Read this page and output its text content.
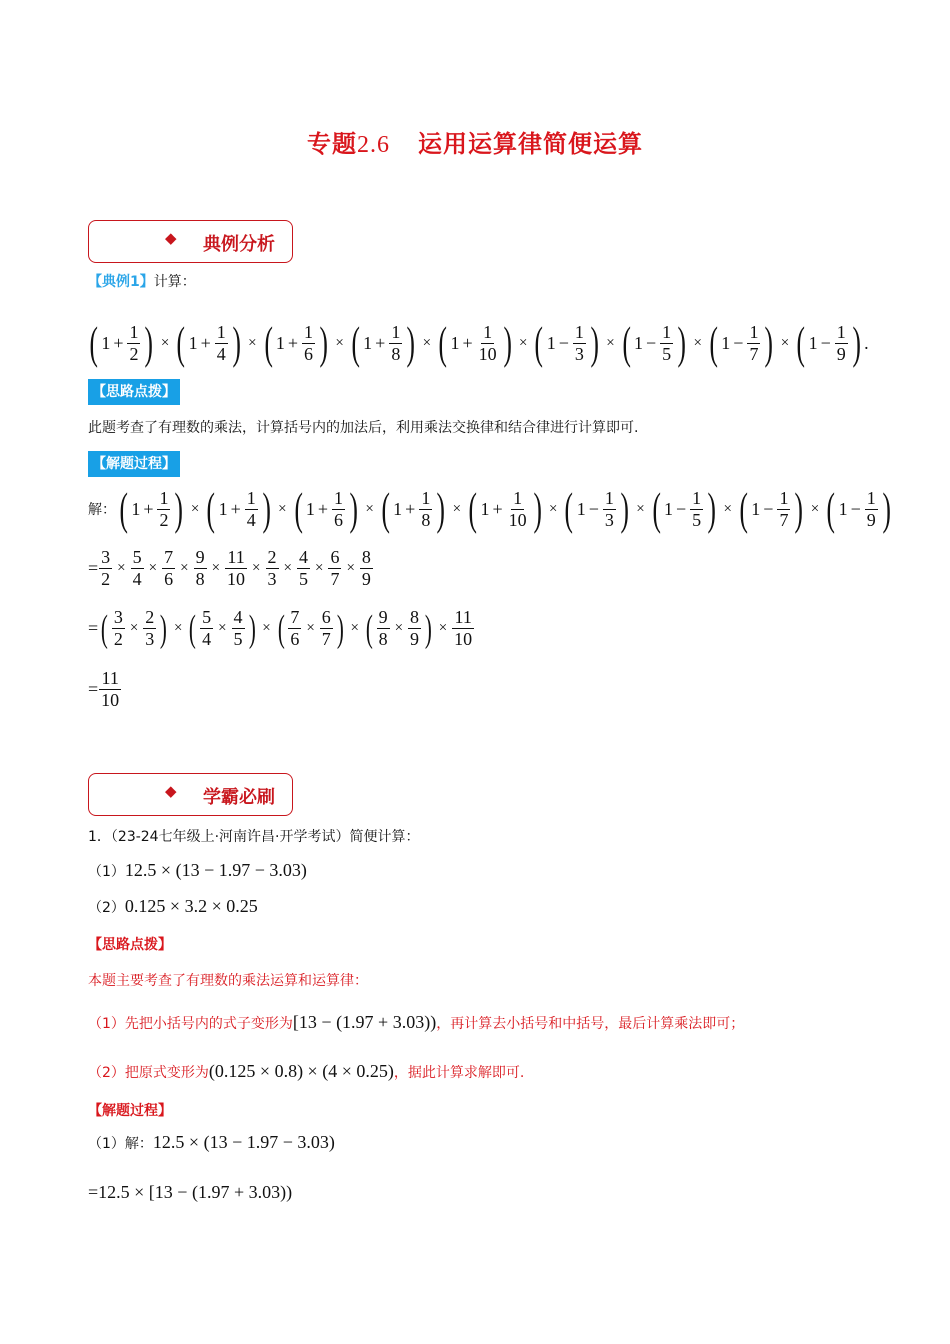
专题2.6 运用运算律简便运算
◆ 典例分析
【典例1】计算：
( $1 + \frac{1}{2}$ ) × ( $1 + \frac{1}{4}$ ) × ( $1 + \frac{1}{6}$ ) × ( $1 + \frac{1}{8}$ ) × ( $1 + \frac{1}{10}$ ) × ( $1 - \frac{1}{3}$ ) × ( $1 - \frac{1}{5}$ ) × ( $1 - \frac{1}{7}$ ) × ( $1 - \frac{1}{9}$ ) .
【思路点拨】
此题考查了有理数的乘法，计算括号内的加法后，利用乘法交换律和结合律进行计算即可.
【解题过程】
解： ( $1 + \frac{1}{2}$ ) × ( $1 + \frac{1}{4}$ ) × ( $1 + \frac{1}{6}$ ) × ( $1 + \frac{1}{8}$ ) × ( $1 + \frac{1}{10}$ ) × ( $1 - \frac{1}{3}$ ) × ( $1 - \frac{1}{5}$ ) × ( $1 - \frac{1}{7}$ ) × ( $1 - \frac{1}{9}$ )
= $\frac{3}{2} \times \frac{5}{4} \times \frac{7}{6} \times \frac{9}{8} \times \frac{11}{10} \times \frac{2}{3} \times \frac{4}{5} \times \frac{6}{7} \times \frac{8}{9}$
= ( $\frac{3}{2} \times \frac{2}{3}$ ) × ( $\frac{5}{4} \times \frac{4}{5}$ ) × ( $\frac{7}{6} \times \frac{6}{7}$ ) × ( $\frac{9}{8} \times \frac{8}{9}$ ) × $\frac{11}{10}$
= $\frac{11}{10}$
◆ 学霸必刷
1．（23-24七年级上·河南许昌·开学考试）简便计算：
（1） 12.5 × (13 − 1.97 − 3.03)
（2） 0.125 × 3.2 × 0.25
【思路点拨】
本题主要考查了有理数的乘法运算和运算律：
（1）先把小括号内的式子变形为 [13 − (1.97 + 3.03)) ，再计算去小括号和中括号，最后计算乘法即可；
（2）把原式变形为 (0.125 × 0.8) × (4 × 0.25) ，据此计算求解即可.
【解题过程】
（1）解： 12.5 × (13 − 1.97 − 3.03)
=12.5 × [13 − (1.97 + 3.03))
